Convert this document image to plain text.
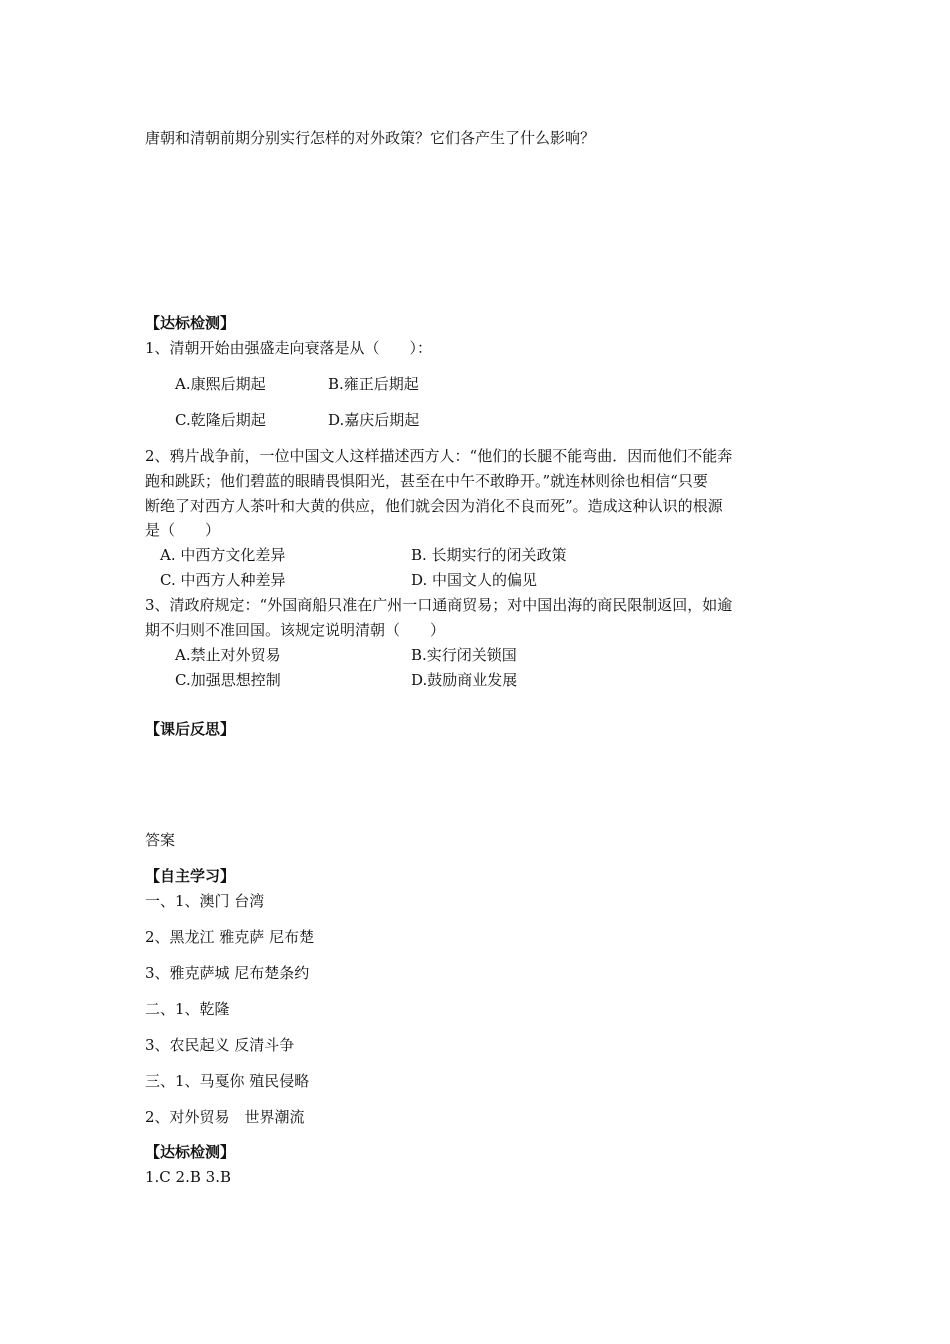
唐朝和清朝前期分别实行怎样的对外政策？它们各产生了什么影响？
【达标检测】
1、清朝开始由强盛走向衰落是从（　　）：
A.康熙后期起	B.雍正后期起
C.乾隆后期起	D.嘉庆后期起
2、鸦片战争前，一位中国文人这样描述西方人：“他们的长腿不能弯曲．因而他们不能奔
跑和跳跃；他们碧蓝的眼睛畏惧阳光，甚至在中午不敢睁开。”就连林则徐也相信“只要
断绝了对西方人茶叶和大黄的供应，他们就会因为消化不良而死”。造成这种认识的根源
是（　　）
A. 中西方文化差异	B. 长期实行的闭关政策
C. 中西方人种差异	D. 中国文人的偏见
3、清政府规定：“外国商船只准在广州一口通商贸易；对中国出海的商民限制返回，如逾
期不归则不准回国。该规定说明清朝（　　）
A.禁止对外贸易	B.实行闭关锁国
C.加强思想控制	D.鼓励商业发展
【课后反思】
答案
【自主学习】
一、1、澳门 台湾
2、黑龙江 雅克萨 尼布楚
3、雅克萨城 尼布楚条约
二、1、乾隆
3、农民起义 反清斗争
三、1、马戛你 殖民侵略
2、对外贸易　世界潮流
【达标检测】
1.C 2.B 3.B
